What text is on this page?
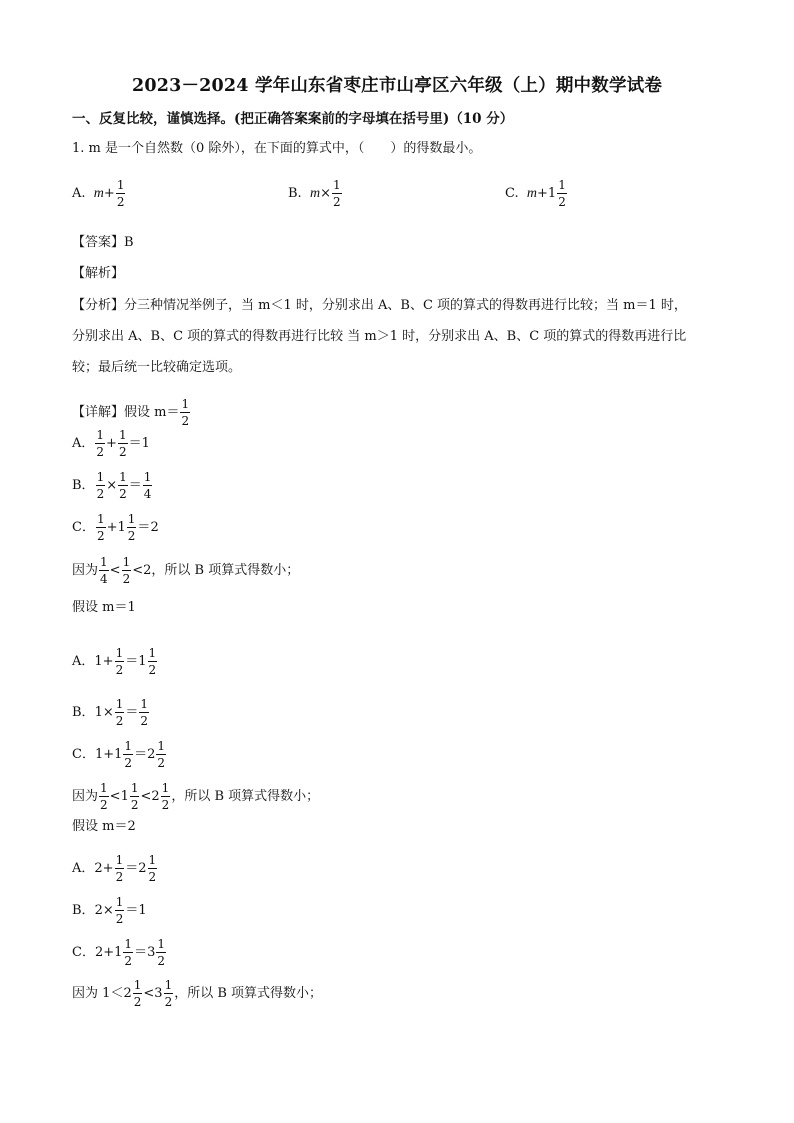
2023－2024 学年山东省枣庄市山亭区六年级（上）期中数学试卷
一、反复比较，谨慎选择。(把正确答案案前的字母填在括号里)（10 分）
1. m 是一个自然数（0 除外），在下面的算式中，（　　）的得数最小。
A. $m+ \frac{1}{2}$	B. $m\times \frac{1}{2}$	C. $m+1 \frac{1}{2}$
【答案】B
【解析】
【分析】分三种情况举例子，当 m＜1 时，分别求出 A、B、C 项的算式的得数再进行比较；当 m＝1 时，
分别求出 A、B、C 项的算式的得数再进行比较 当 m＞1 时，分别求出 A、B、C 项的算式的得数再进行比
较；最后统一比较确定选项。
【详解】假设 $m= \frac{1}{2}$
A． $\frac{1}{2} + \frac{1}{2} =1$
B． $\frac{1}{2} \times \frac{1}{2} = \frac{1}{4}$
C． $\frac{1}{2} +1 \frac{1}{2} =2$
因为 $\frac{1}{4} < \frac{1}{2} <2$，所以 B 项算式得数小；
假设 m＝1
A．$1+ \frac{1}{2} =1 \frac{1}{2}$
B．$1\times \frac{1}{2} = \frac{1}{2}$
C．$1+1 \frac{1}{2} =2 \frac{1}{2}$
因为 $\frac{1}{2} <1 \frac{1}{2} <2 \frac{1}{2}$ ，所以 B 项算式得数小；
假设 m＝2
A．$2+ \frac{1}{2} =2 \frac{1}{2}$
B．$2\times \frac{1}{2} =1$
C．$2+1 \frac{1}{2} =3 \frac{1}{2}$
因为 $1<2 \frac{1}{2} <3 \frac{1}{2}$ ，所以 B 项算式得数小；
